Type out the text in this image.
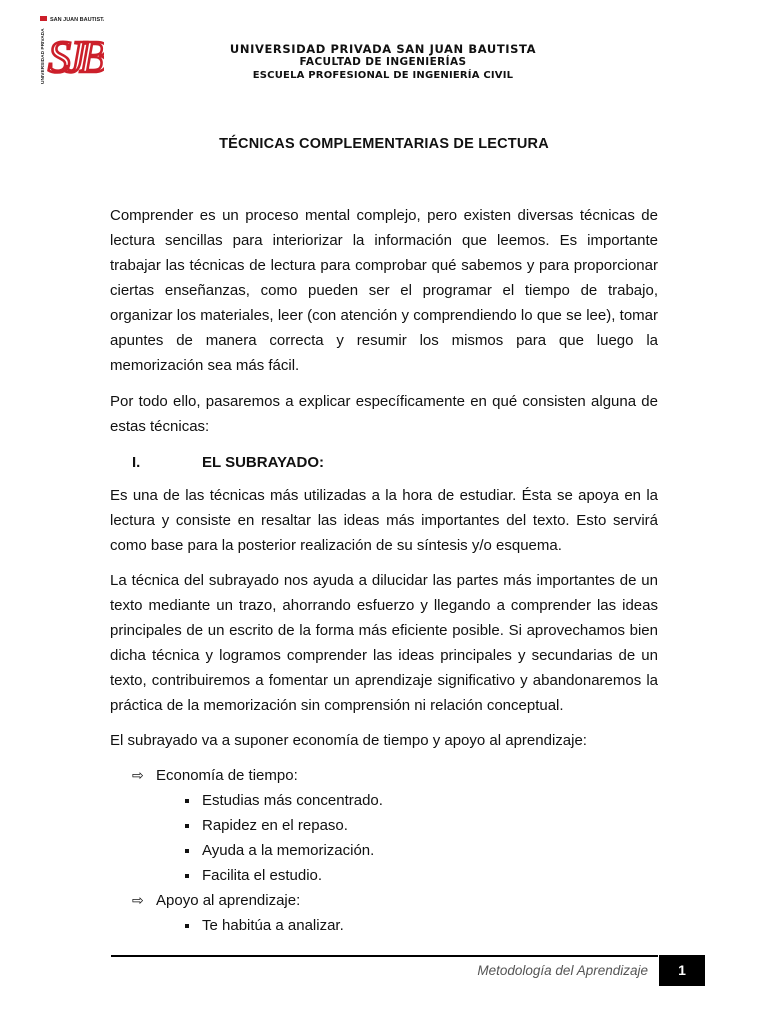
SAN JUAN BAUTISTA
UNIVERSIDAD PRIVADA SJB	UNIVERSIDAD PRIVADA SAN JUAN BAUTISTA
FACULTAD DE INGENIERÍAS
ESCUELA PROFESIONAL DE INGENIERÍA CIVIL
TÉCNICAS COMPLEMENTARIAS DE LECTURA

Comprender es un proceso mental complejo, pero existen diversas técnicas de lectura sencillas para interiorizar la información que leemos. Es importante trabajar las técnicas de lectura para comprobar qué sabemos y para proporcionar ciertas enseñanzas, como pueden ser el programar el tiempo de trabajo, organizar los materiales, leer (con atención y comprendiendo lo que se lee), tomar apuntes de manera correcta y resumir los mismos para que luego la memorización sea más fácil.

Por todo ello, pasaremos a explicar específicamente en qué consisten alguna de estas técnicas:

I.	EL SUBRAYADO:

Es una de las técnicas más utilizadas a la hora de estudiar. Ésta se apoya en la lectura y consiste en resaltar las ideas más importantes del texto. Esto servirá como base para la posterior realización de su síntesis y/o esquema.

La técnica del subrayado nos ayuda a dilucidar las partes más importantes de un texto mediante un trazo, ahorrando esfuerzo y llegando a comprender las ideas principales de un escrito de la forma más eficiente posible. Si aprovechamos bien dicha técnica y logramos comprender las ideas principales y secundarias de un texto, contribuiremos a fomentar un aprendizaje significativo y abandonaremos la práctica de la memorización sin comprensión ni relación conceptual.

El subrayado va a suponer economía de tiempo y apoyo al aprendizaje:

⇨ Economía de tiempo:
Estudias más concentrado.
Rapidez en el repaso.
Ayuda a la memorización.
Facilita el estudio.
⇨ Apoyo al aprendizaje:
Te habitúa a analizar.
Metodología del Aprendizaje	1
